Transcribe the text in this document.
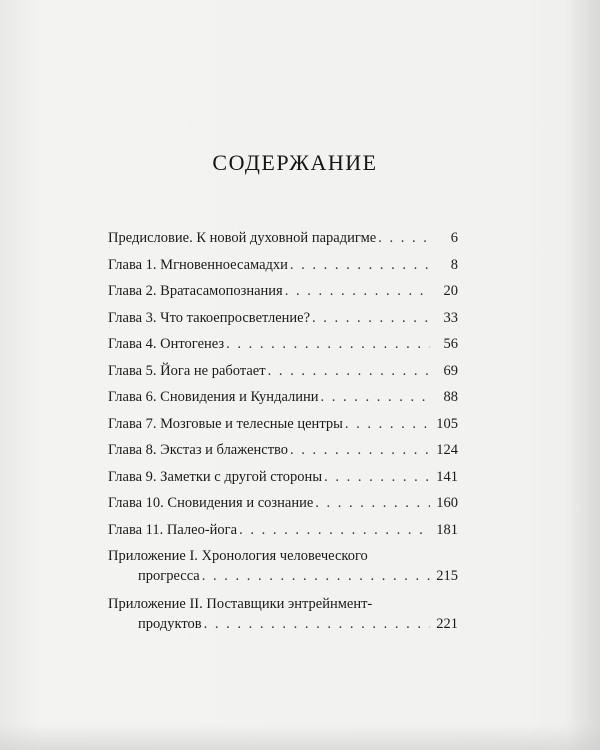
СОДЕРЖАНИЕ
Предисловие. К новой духовной парадигме . . .	6
Глава 1. Мгновенноесамадхи . . .	8
Глава 2. Вратасамопознания . . .	20
Глава 3. Что такоепросветление? . . .	33
Глава 4. Онтогенез . . .	56
Глава 5. Йога не работает . . .	69
Глава 6. Сновидения и Кундалини . . .	88
Глава 7. Мозговые и телесные центры . . .	105
Глава 8. Экстаз и блаженство . . .	124
Глава 9. Заметки с другой стороны . . .	141
Глава 10. Сновидения и сознание . . .	160
Глава 11. Палео-йога . . .	181
Приложение I. Хронология человеческого
прогресса . . .	215
Приложение II. Поставщики энтрейнмент-
продуктов . . .	221
